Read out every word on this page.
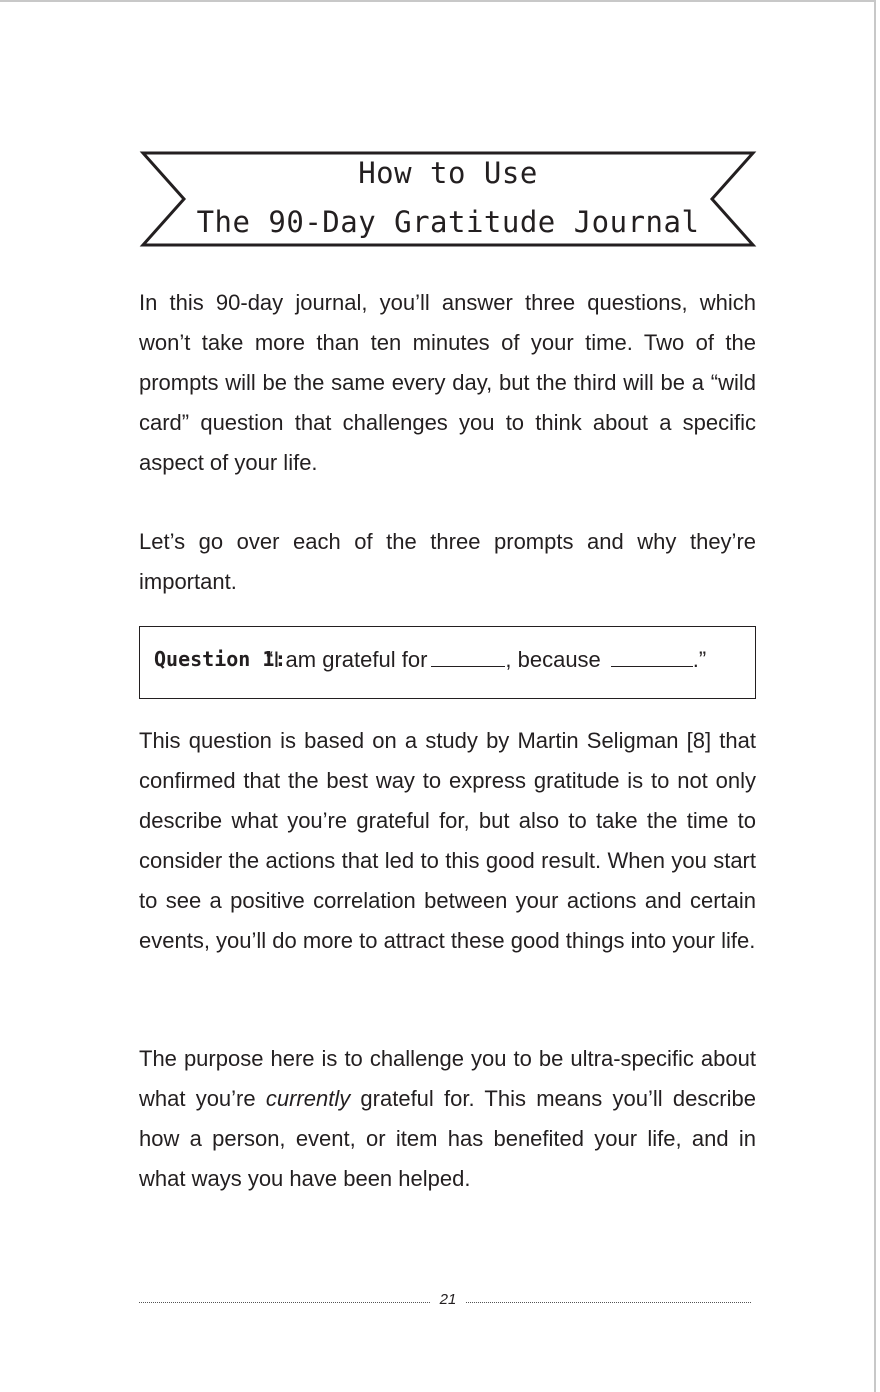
How to Use
The 90-Day Gratitude Journal

In this 90-day journal, you’ll answer three questions, which won’t take more than ten minutes of your time. Two of the prompts will be the same every day, but the third will be a “wild card” question that challenges you to think about a specific aspect of your life.

Let’s go over each of the three prompts and why they’re important.

Question 1:
“I am grateful for	, because	.”

This question is based on a study by Martin Seligman [8] that confirmed that the best way to express gratitude is to not only describe what you’re grateful for, but also to take the time to consider the actions that led to this good result. When you start to see a positive correlation between your actions and certain events, you’ll do more to attract these good things into your life.

The purpose here is to challenge you to be ultra-specific about what you’re currently grateful for. This means you’ll describe how a person, event, or item has benefited your life, and in what ways you have been helped.

21
